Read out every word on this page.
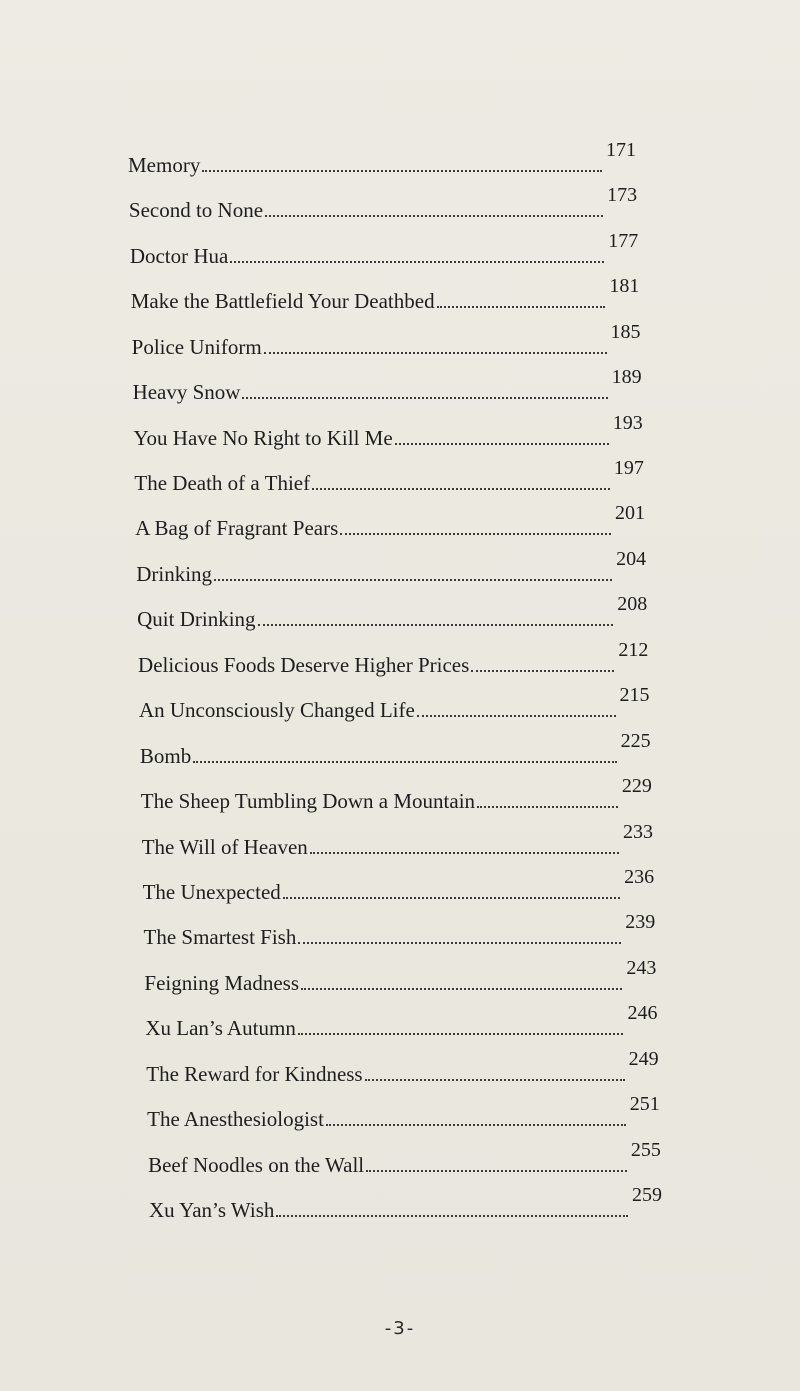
Memory
171
Second to None
173
Doctor Hua
177
Make the Battlefield Your Deathbed
181
Police Uniform
185
Heavy Snow
189
You Have No Right to Kill Me
193
The Death of a Thief
197
A Bag of Fragrant Pears
201
Drinking
204
Quit Drinking
208
Delicious Foods Deserve Higher Prices
212
An Unconsciously Changed Life
215
Bomb
225
The Sheep Tumbling Down a Mountain
229
The Will of Heaven
233
The Unexpected
236
The Smartest Fish
239
Feigning Madness
243
Xu Lan’s Autumn
246
The Reward for Kindness
249
The Anesthesiologist
251
Beef Noodles on the Wall
255
Xu Yan’s Wish
259
-3-
